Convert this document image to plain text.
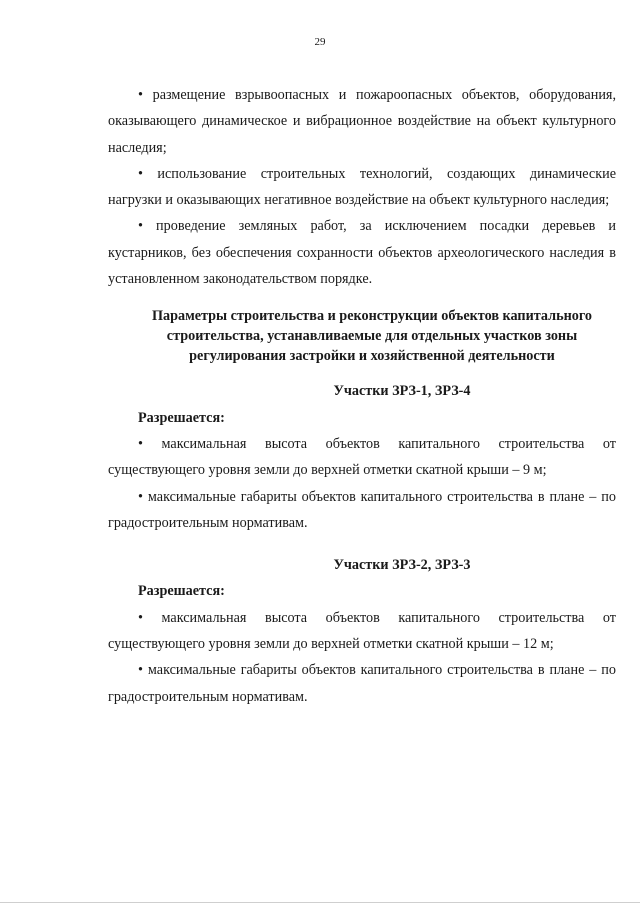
29

• размещение взрывоопасных и пожароопасных объектов, оборудования, оказывающего динамическое и вибрационное воздействие на объект культурного наследия;

• использование строительных технологий, создающих динамические нагрузки и оказывающих негативное воздействие на объект культурного наследия;

• проведение земляных работ, за исключением посадки деревьев и кустарников, без обеспечения сохранности объектов археологического наследия в установленном законодательством порядке.

Параметры строительства и реконструкции объектов капитального
строительства, устанавливаемые для отдельных участков зоны
регулирования застройки и хозяйственной деятельности

Участки ЗРЗ-1, ЗРЗ-4

Разрешается:

• максимальная высота объектов капитального строительства от существующего уровня земли до верхней отметки скатной крыши – 9 м;

• максимальные габариты объектов капитального строительства в плане – по градостроительным нормативам.

Участки ЗРЗ-2, ЗРЗ-3

Разрешается:

• максимальная высота объектов капитального строительства от существующего уровня земли до верхней отметки скатной крыши – 12 м;

• максимальные габариты объектов капитального строительства в плане – по градостроительным нормативам.
